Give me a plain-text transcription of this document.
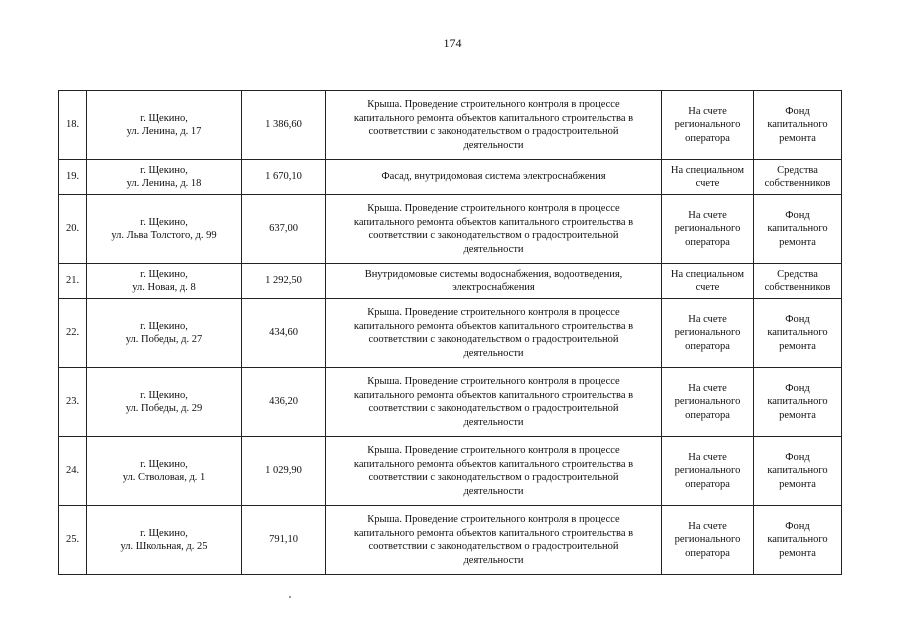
174
18.	г. Щекино,
ул. Ленина, д. 17	1 386,60	Крыша. Проведение строительного контроля в процессе
капитального ремонта объектов капитального строительства в
соответствии с законодательством о градостроительной
деятельности	На счете
регионального
оператора	Фонд
капитального
ремонта

19.	г. Щекино,
ул. Ленина, д. 18	1 670,10	Фасад, внутридомовая система электроснабжения	На специальном
счете	Средства
собственников

20.	г. Щекино,
ул. Льва Толстого, д. 99	637,00	Крыша. Проведение строительного контроля в процессе
капитального ремонта объектов капитального строительства в
соответствии с законодательством о градостроительной
деятельности	На счете
регионального
оператора	Фонд
капитального
ремонта

21.	г. Щекино,
ул. Новая, д. 8	1 292,50	Внутридомовые системы водоснабжения, водоотведения,
электроснабжения	На специальном
счете	Средства
собственников

22.	г. Щекино,
ул. Победы, д. 27	434,60	Крыша. Проведение строительного контроля в процессе
капитального ремонта объектов капитального строительства в
соответствии с законодательством о градостроительной
деятельности	На счете
регионального
оператора	Фонд
капитального
ремонта

23.	г. Щекино,
ул. Победы, д. 29	436,20	Крыша. Проведение строительного контроля в процессе
капитального ремонта объектов капитального строительства в
соответствии с законодательством о градостроительной
деятельности	На счете
регионального
оператора	Фонд
капитального
ремонта

24.	г. Щекино,
ул. Стволовая, д. 1	1 029,90	Крыша. Проведение строительного контроля в процессе
капитального ремонта объектов капитального строительства в
соответствии с законодательством о градостроительной
деятельности	На счете
регионального
оператора	Фонд
капитального
ремонта

25.	г. Щекино,
ул. Школьная, д. 25	791,10	Крыша. Проведение строительного контроля в процессе
капитального ремонта объектов капитального строительства в
соответствии с законодательством о градостроительной
деятельности	На счете
регионального
оператора	Фонд
капитального
ремонта
